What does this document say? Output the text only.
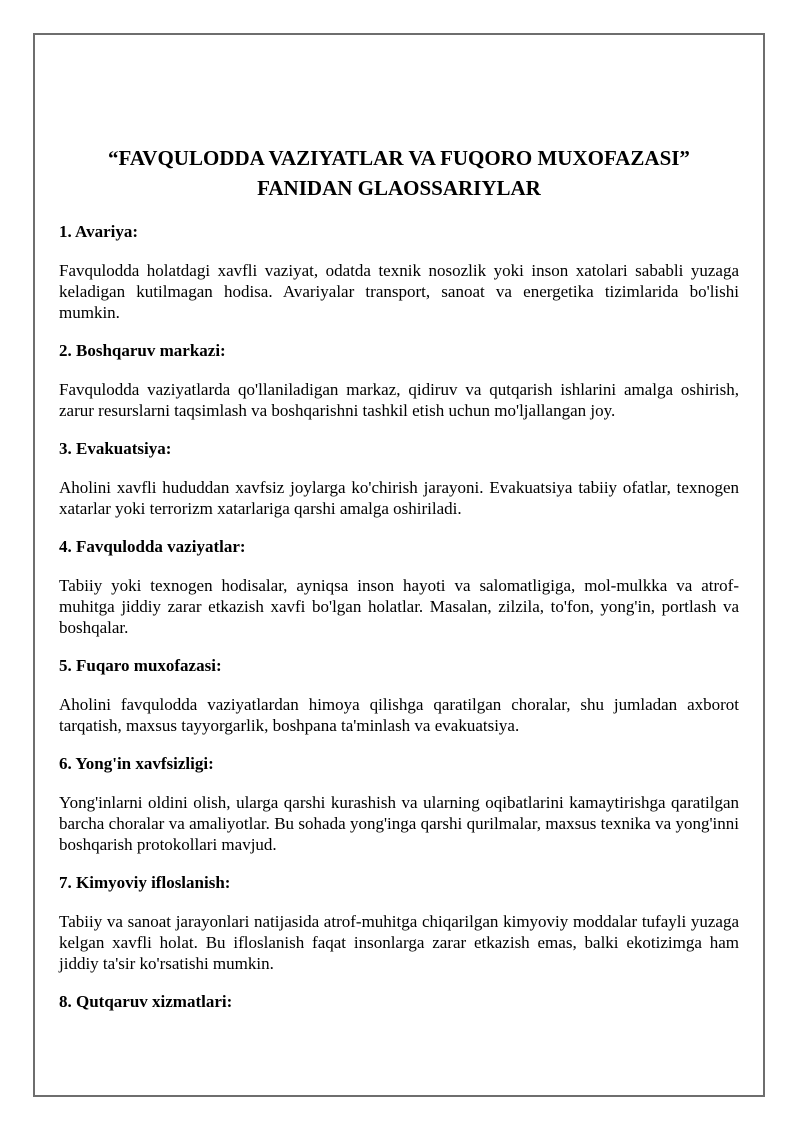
“FAVQULODDA VAZIYATLAR VA FUQORO MUXOFAZASI”
FANIDAN GLAOSSARIYLAR

1. Avariya:

Favqulodda holatdagi xavfli vaziyat, odatda texnik nosozlik yoki inson xatolari sababli yuzaga keladigan kutilmagan hodisa. Avariyalar transport, sanoat va energetika tizimlarida bo'lishi mumkin.

2. Boshqaruv markazi:

Favqulodda vaziyatlarda qo'llaniladigan markaz, qidiruv va qutqarish ishlarini amalga oshirish, zarur resurslarni taqsimlash va boshqarishni tashkil etish uchun mo'ljallangan joy.

3. Evakuatsiya:

Aholini xavfli hududdan xavfsiz joylarga ko'chirish jarayoni. Evakuatsiya tabiiy ofatlar, texnogen xatarlar yoki terrorizm xatarlariga qarshi amalga oshiriladi.

4. Favqulodda vaziyatlar:

Tabiiy yoki texnogen hodisalar, ayniqsa inson hayoti va salomatligiga, mol-mulkka va atrof-muhitga jiddiy zarar etkazish xavfi bo'lgan holatlar. Masalan, zilzila, to'fon, yong'in, portlash va boshqalar.

5. Fuqaro muxofazasi:

Aholini favqulodda vaziyatlardan himoya qilishga qaratilgan choralar, shu jumladan axborot tarqatish, maxsus tayyorgarlik, boshpana ta'minlash va evakuatsiya.

6. Yong'in xavfsizligi:

Yong'inlarni oldini olish, ularga qarshi kurashish va ularning oqibatlarini kamaytirishga qaratilgan barcha choralar va amaliyotlar. Bu sohada yong'inga qarshi qurilmalar, maxsus texnika va yong'inni boshqarish protokollari mavjud.

7. Kimyoviy ifloslanish:

Tabiiy va sanoat jarayonlari natijasida atrof-muhitga chiqarilgan kimyoviy moddalar tufayli yuzaga kelgan xavfli holat. Bu ifloslanish faqat insonlarga zarar etkazish emas, balki ekotizimga ham jiddiy ta'sir ko'rsatishi mumkin.

8. Qutqaruv xizmatlari:
